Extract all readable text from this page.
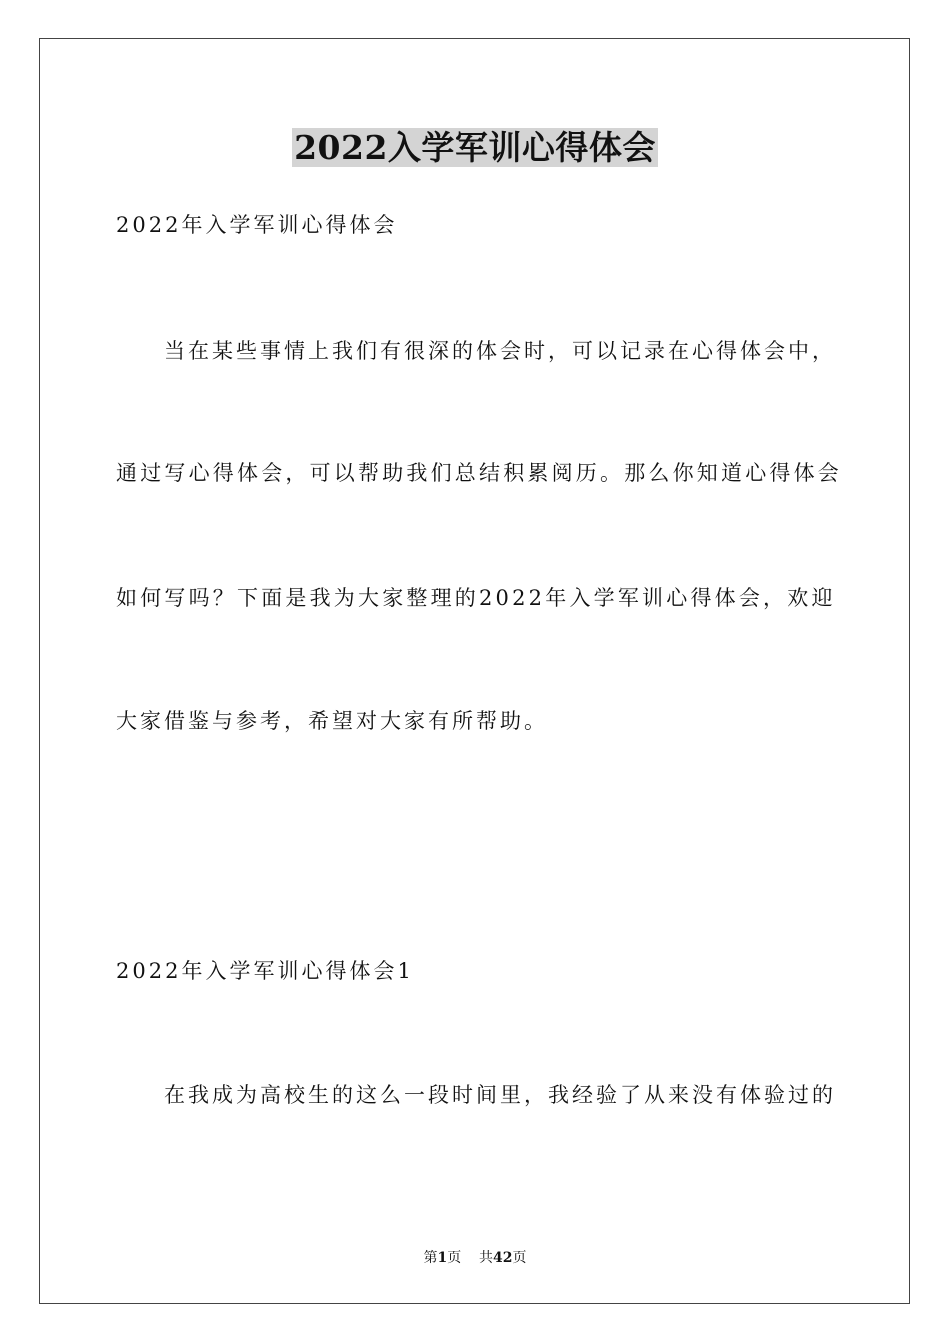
2022入学军训心得体会
2022年入学军训心得体会
当在某些事情上我们有很深的体会时，可以记录在心得体会中，
通过写心得体会，可以帮助我们总结积累阅历。那么你知道心得体会
如何写吗？下面是我为大家整理的2022年入学军训心得体会，欢迎
大家借鉴与参考，希望对大家有所帮助。
2022年入学军训心得体会1
在我成为高校生的这么一段时间里，我经验了从来没有体验过的
第1页 共42页
